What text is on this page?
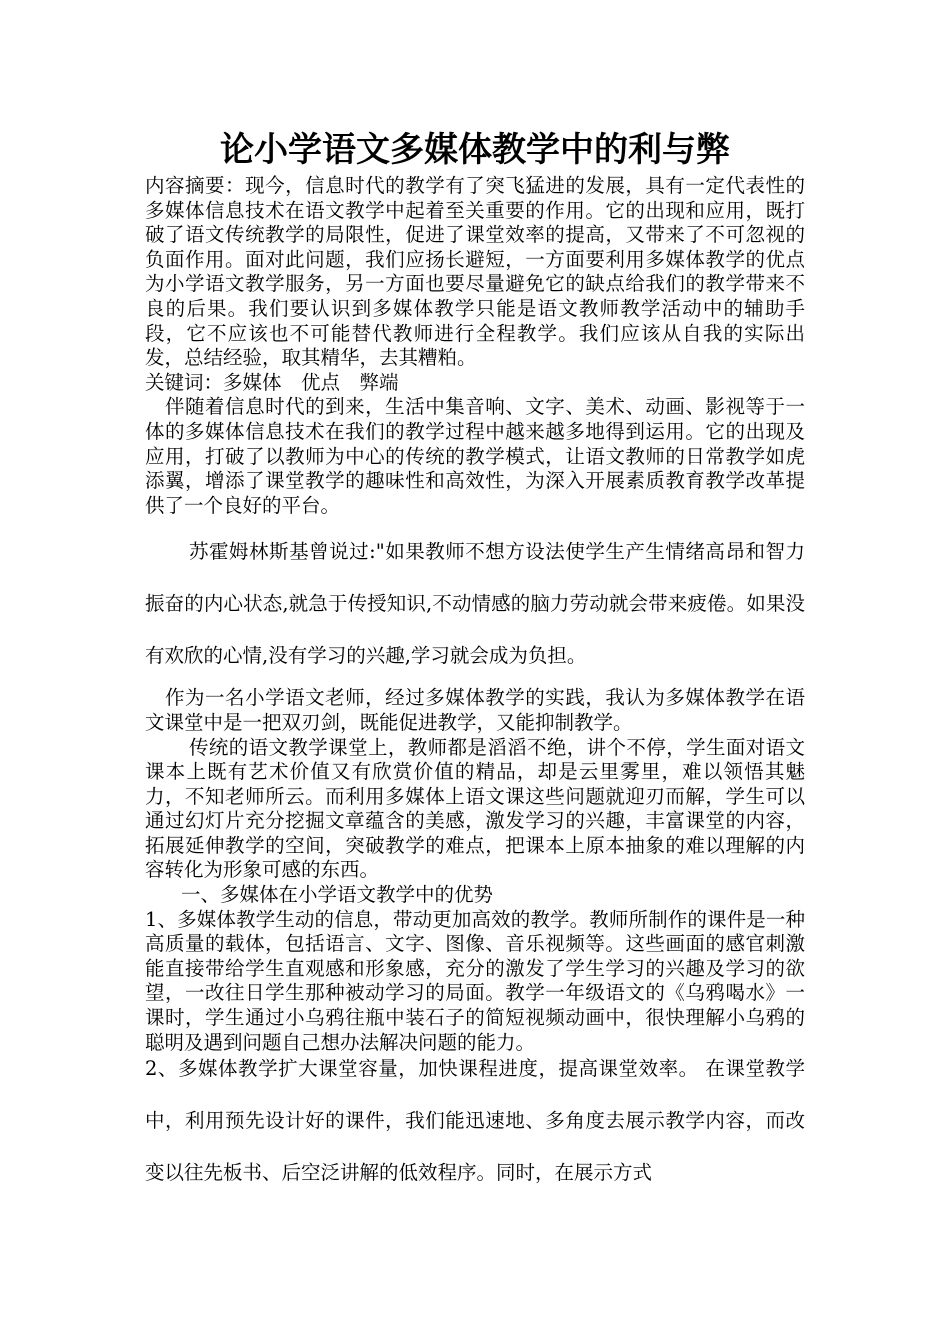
论小学语文多媒体教学中的利与弊

内容摘要：现今，信息时代的教学有了突飞猛进的发展，具有一定代表性的多媒体信息技术在语文教学中起着至关重要的作用。它的出现和应用，既打破了语文传统教学的局限性，促进了课堂效率的提高，又带来了不可忽视的负面作用。面对此问题，我们应扬长避短，一方面要利用多媒体教学的优点为小学语文教学服务，另一方面也要尽量避免它的缺点给我们的教学带来不良的后果。我们要认识到多媒体教学只能是语文教师教学活动中的辅助手段，它不应该也不可能替代教师进行全程教学。我们应该从自我的实际出发，总结经验，取其精华，去其糟粕。

关键词：多媒体　优点　弊端

伴随着信息时代的到来，生活中集音响、文字、美术、动画、影视等于一体的多媒体信息技术在我们的教学过程中越来越多地得到运用。它的出现及应用，打破了以教师为中心的传统的教学模式，让语文教师的日常教学如虎添翼，增添了课堂教学的趣味性和高效性，为深入开展素质教育教学改革提供了一个良好的平台。

苏霍姆林斯基曾说过:"如果教师不想方设法使学生产生情绪高昂和智力振奋的内心状态,就急于传授知识,不动情感的脑力劳动就会带来疲倦。如果没有欢欣的心情,没有学习的兴趣,学习就会成为负担。

作为一名小学语文老师，经过多媒体教学的实践，我认为多媒体教学在语文课堂中是一把双刃剑，既能促进教学，又能抑制教学。

传统的语文教学课堂上，教师都是滔滔不绝，讲个不停，学生面对语文课本上既有艺术价值又有欣赏价值的精品，却是云里雾里，难以领悟其魅力，不知老师所云。而利用多媒体上语文课这些问题就迎刃而解，学生可以通过幻灯片充分挖掘文章蕴含的美感，激发学习的兴趣，丰富课堂的内容，拓展延伸教学的空间，突破教学的难点，把课本上原本抽象的难以理解的内容转化为形象可感的东西。

一、多媒体在小学语文教学中的优势

1、多媒体教学生动的信息，带动更加高效的教学。教师所制作的课件是一种高质量的载体，包括语言、文字、图像、音乐视频等。这些画面的感官刺激能直接带给学生直观感和形象感，充分的激发了学生学习的兴趣及学习的欲望，一改往日学生那种被动学习的局面。教学一年级语文的《乌鸦喝水》一课时，学生通过小乌鸦往瓶中装石子的简短视频动画中，很快理解小乌鸦的聪明及遇到问题自己想办法解决问题的能力。

2、多媒体教学扩大课堂容量，加快课程进度，提高课堂效率。 在课堂教学中，利用预先设计好的课件，我们能迅速地、多角度去展示教学内容，而改变以往先板书、后空泛讲解的低效程序。同时，在展示方式
